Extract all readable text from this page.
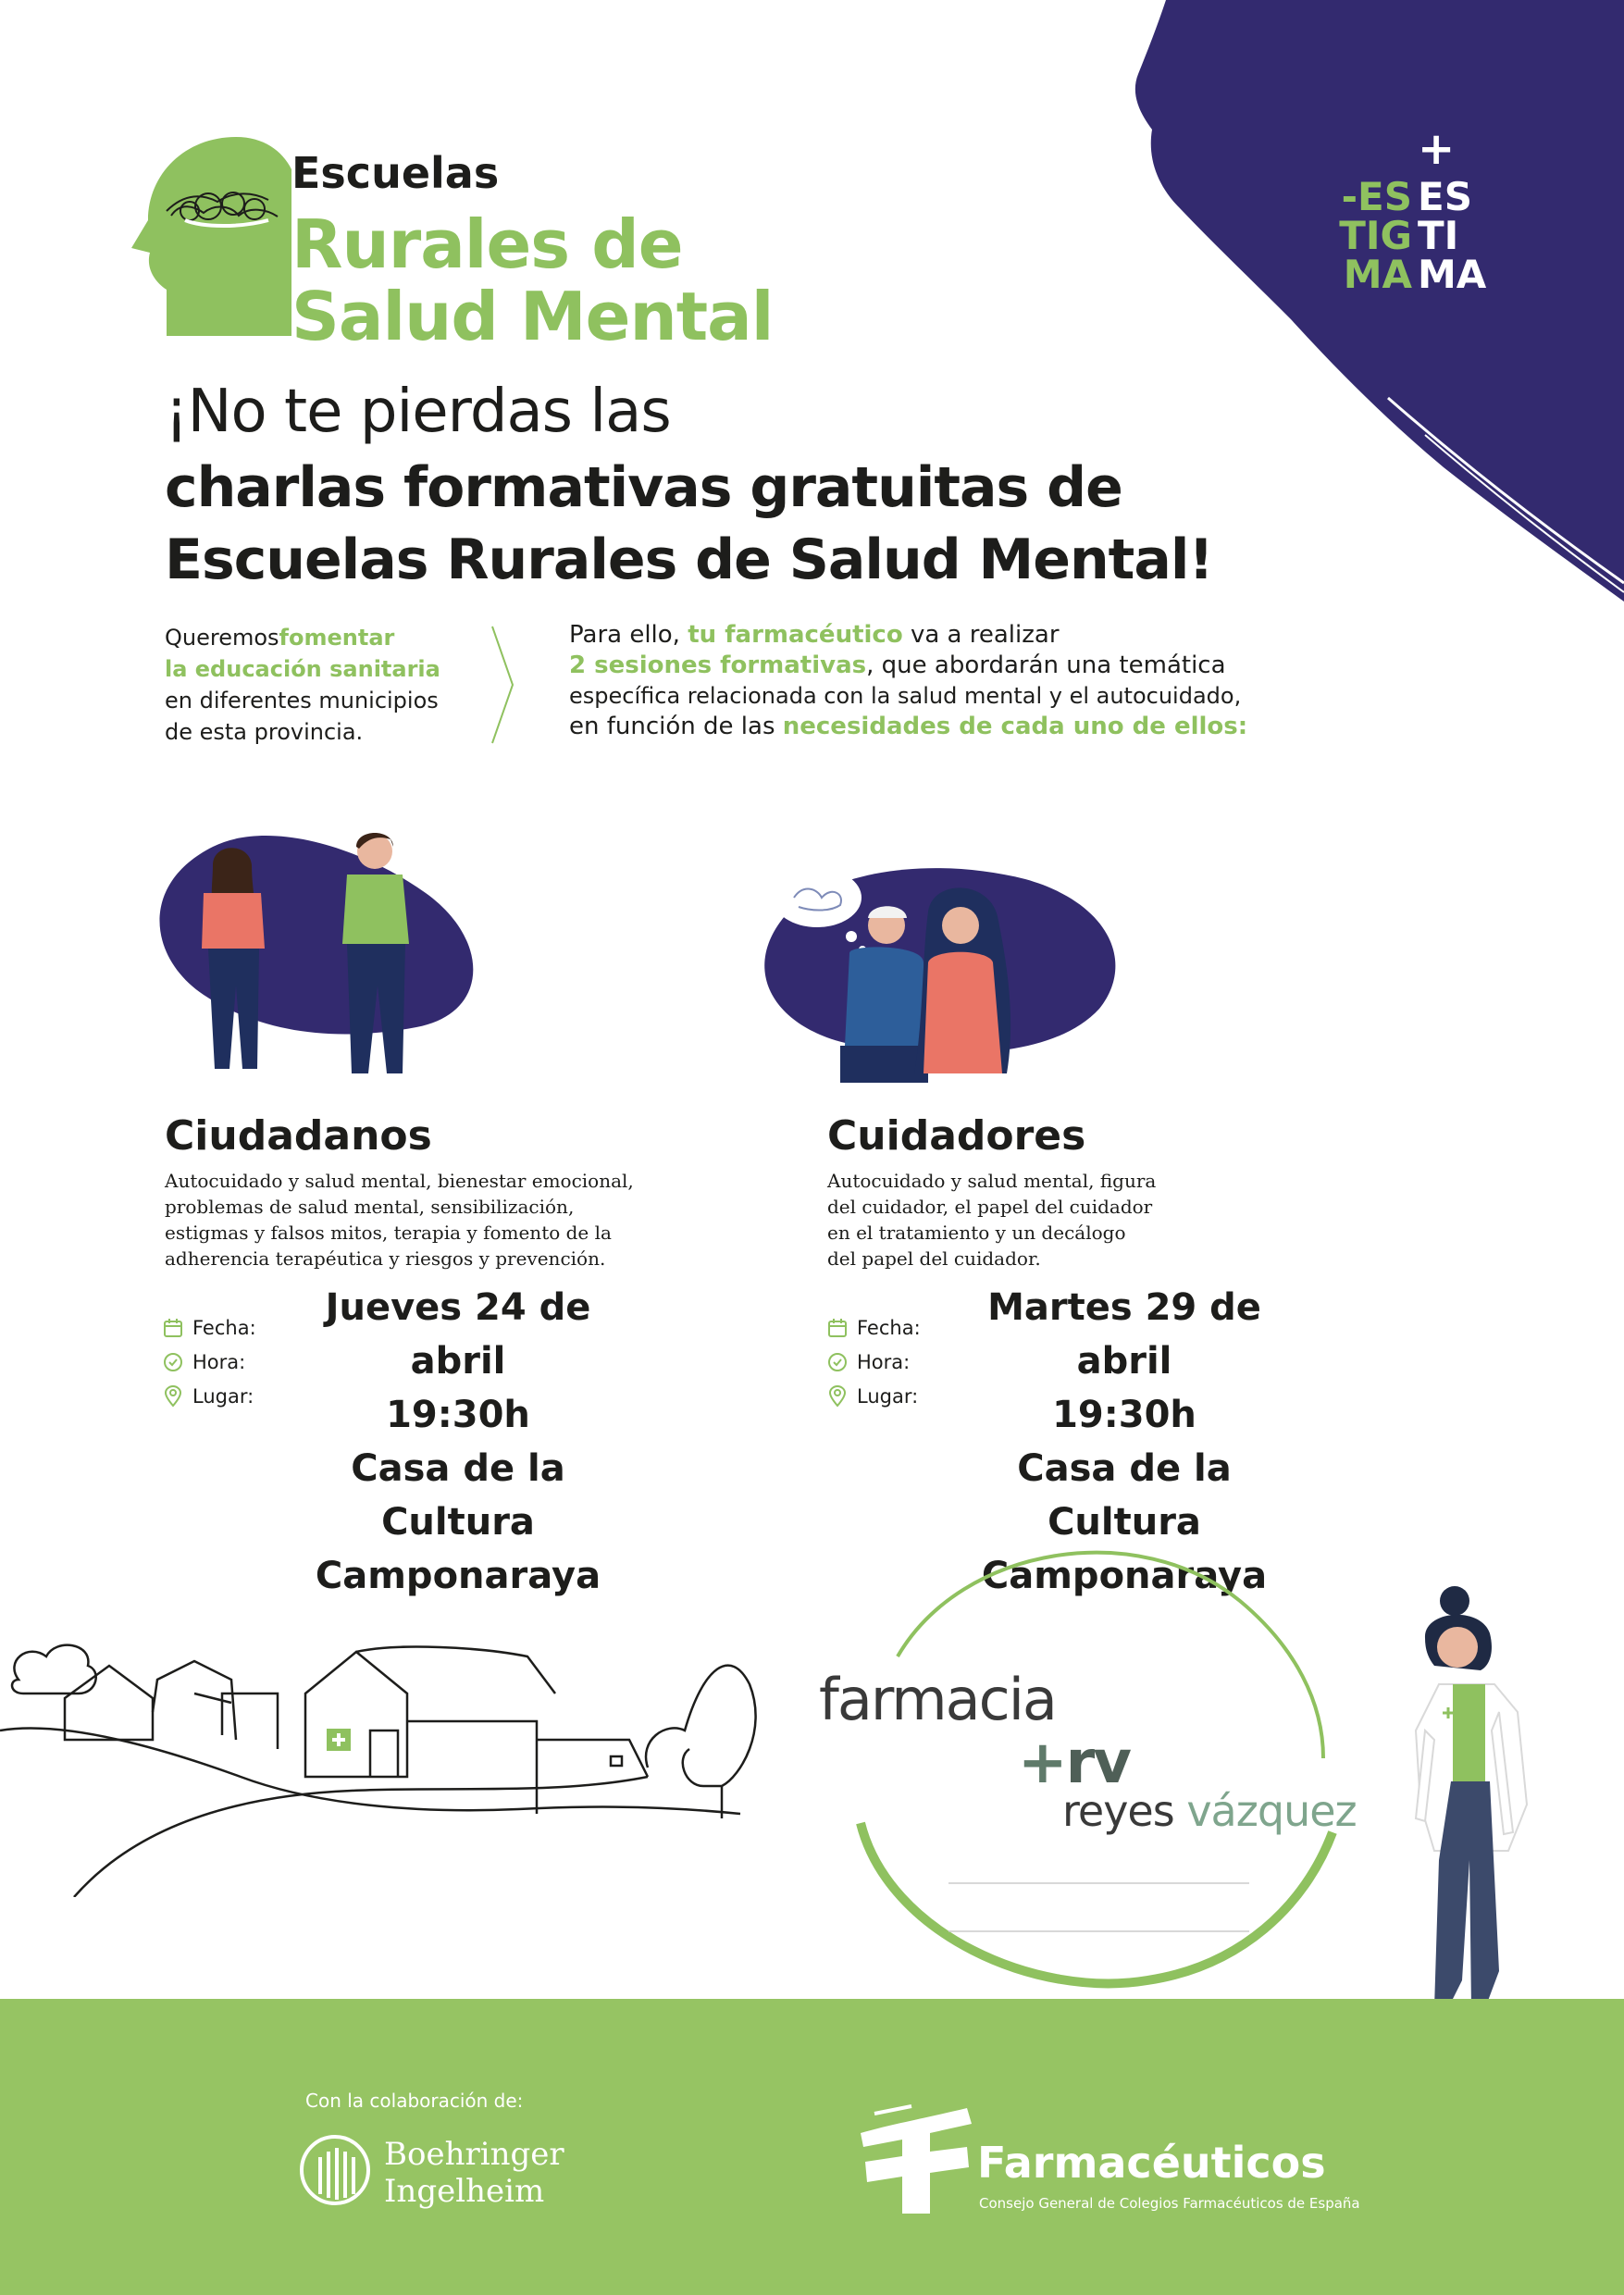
+
-ES
TIG
MA
ES
TI
MA
Escuelas
Rurales de
Salud Mental
¡No te pierdas las
charlas formativas gratuitas de
Escuelas Rurales de Salud Mental!
Queremosfomentar
la educación sanitaria
en diferentes municipios
de esta provincia.
Para ello, tu farmacéutico va a realizar
2 sesiones formativas, que abordarán una temática
específica relacionada con la salud mental y el autocuidado,
en función de las necesidades de cada uno de ellos:
Ciudadanos
Autocuidado y salud mental, bienestar emocional,
problemas de salud mental, sensibilización,
estigmas y falsos mitos, terapia y fomento de la
adherencia terapéutica y riesgos y prevención.
Fecha:
Hora:
Lugar:
Jueves 24 de abril
19:30h
Casa de la Cultura
Camponaraya
Cuidadores
Autocuidado y salud mental, figura
del cuidador, el papel del cuidador
en el tratamiento y un decálogo
del papel del cuidador.
Fecha:
Hora:
Lugar:
Martes 29 de abril
19:30h
Casa de la Cultura
Camponaraya
farmacia
+rv
reyes vázquez
Con la colaboración de:
Boehringer
Ingelheim
Farmacéuticos
Consejo General de Colegios Farmacéuticos de España
